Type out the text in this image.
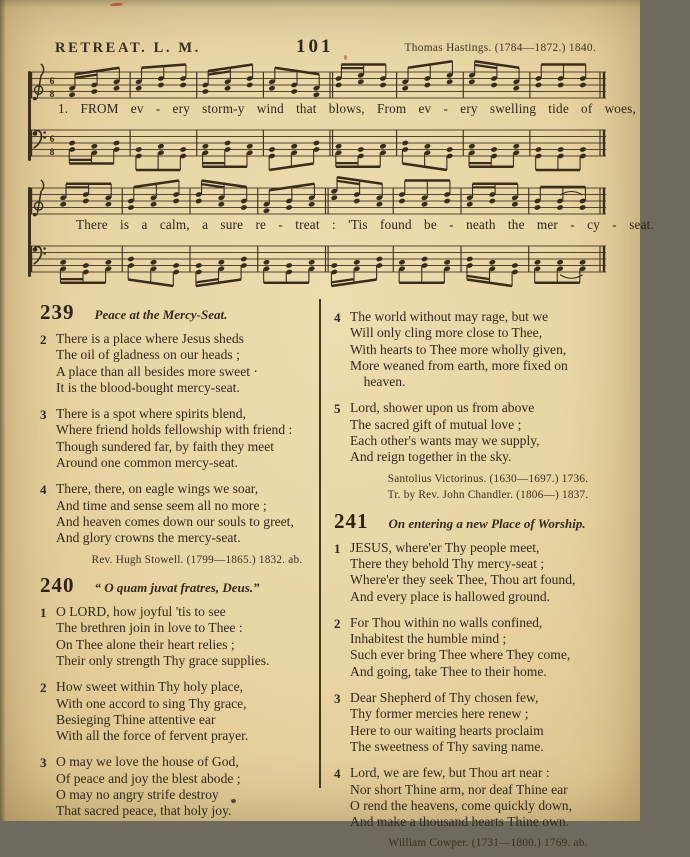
RETREAT. L. M.	101	Thomas Hastings. (1784—1872.) 1840.
6
8
6
8
1. FROM ev - ery storm-y wind that blows, From ev - ery swelling tide of woes,
There is a calm, a sure re - treat : 'Tis found be - neath the mer - cy - seat.
239 Peace at the Mercy-Seat.
2 There is a place where Jesus sheds
The oil of gladness on our heads ;
A place than all besides more sweet ·
It is the blood-bought mercy-seat.
3 There is a spot where spirits blend,
Where friend holds fellowship with friend :
Though sundered far, by faith they meet
Around one common mercy-seat.
4 There, there, on eagle wings we soar,
And time and sense seem all no more ;
And heaven comes down our souls to greet,
And glory crowns the mercy-seat.
Rev. Hugh Stowell. (1799—1865.) 1832. ab.
240 “ O quam juvat fratres, Deus.”
1 O LORD, how joyful 'tis to see
The brethren join in love to Thee :
On Thee alone their heart relies ;
Their only strength Thy grace supplies.
2 How sweet within Thy holy place,
With one accord to sing Thy grace,
Besieging Thine attentive ear
With all the force of fervent prayer.
3 O may we love the house of God,
Of peace and joy the blest abode ;
O may no angry strife destroy
That sacred peace, that holy joy.
4 The world without may rage, but we
Will only cling more close to Thee,
With hearts to Thee more wholly given,
More weaned from earth, more fixed on
heaven.
5 Lord, shower upon us from above
The sacred gift of mutual love ;
Each other's wants may we supply,
And reign together in the sky.
Santolius Victorinus. (1630—1697.) 1736.
Tr. by Rev. John Chandler. (1806—) 1837.
241 On entering a new Place of Worship.
1 JESUS, where'er Thy people meet,
There they behold Thy mercy-seat ;
Where'er they seek Thee, Thou art found,
And every place is hallowed ground.
2 For Thou within no walls confined,
Inhabitest the humble mind ;
Such ever bring Thee where They come,
And going, take Thee to their home.
3 Dear Shepherd of Thy chosen few,
Thy former mercies here renew ;
Here to our waiting hearts proclaim
The sweetness of Thy saving name.
4 Lord, we are few, but Thou art near :
Nor short Thine arm, nor deaf Thine ear
O rend the heavens, come quickly down,
And make a thousand hearts Thine own.
William Cowper. (1731—1800.) 1769. ab.
